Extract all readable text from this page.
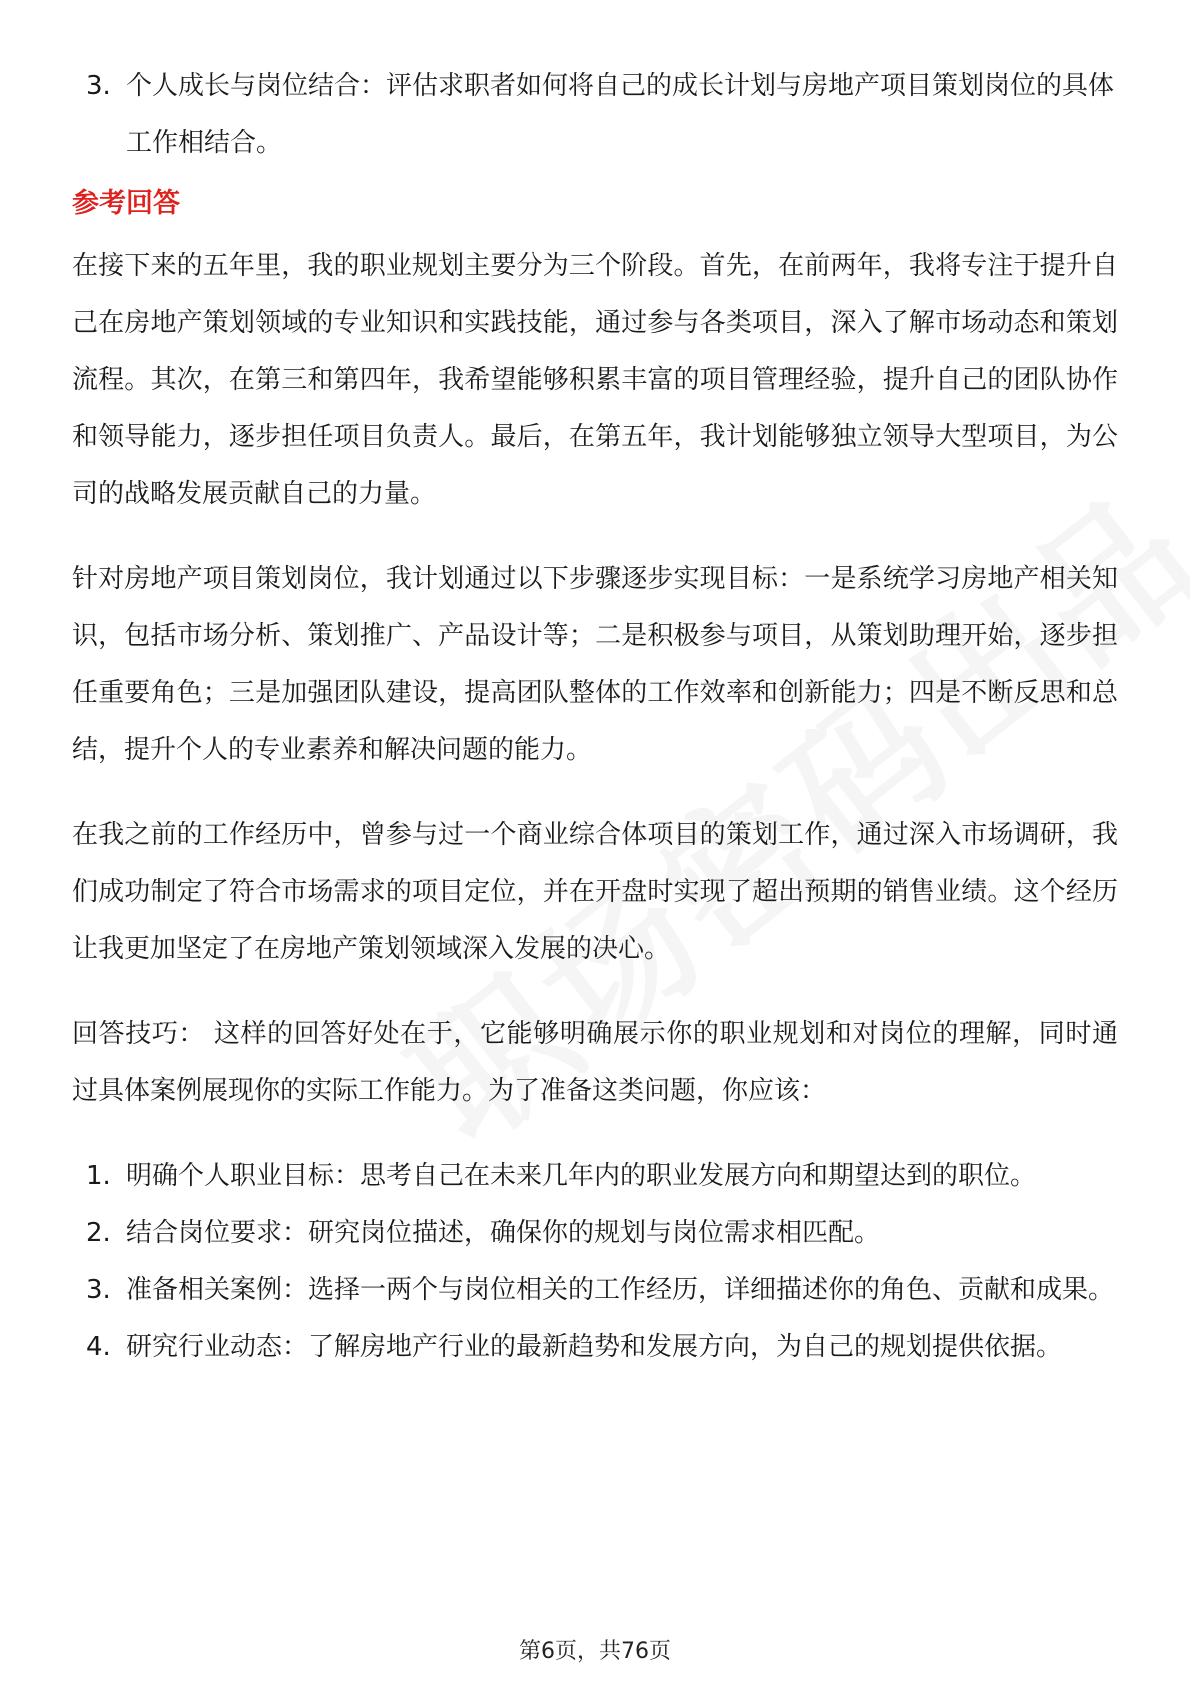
3. 个人成长与岗位结合：评估求职者如何将自己的成长计划与房地产项目策划岗位的具体工作相结合。
参考回答

在接下来的五年里，我的职业规划主要分为三个阶段。首先，在前两年，我将专注于提升自己在房地产策划领域的专业知识和实践技能，通过参与各类项目，深入了解市场动态和策划流程。其次，在第三和第四年，我希望能够积累丰富的项目管理经验，提升自己的团队协作和领导能力，逐步担任项目负责人。最后，在第五年，我计划能够独立领导大型项目，为公司的战略发展贡献自己的力量。

针对房地产项目策划岗位，我计划通过以下步骤逐步实现目标：一是系统学习房地产相关知识，包括市场分析、策划推广、产品设计等；二是积极参与项目，从策划助理开始，逐步担任重要角色；三是加强团队建设，提高团队整体的工作效率和创新能力；四是不断反思和总结，提升个人的专业素养和解决问题的能力。

在我之前的工作经历中，曾参与过一个商业综合体项目的策划工作，通过深入市场调研，我们成功制定了符合市场需求的项目定位，并在开盘时实现了超出预期的销售业绩。这个经历让我更加坚定了在房地产策划领域深入发展的决心。

回答技巧： 这样的回答好处在于，它能够明确展示你的职业规划和对岗位的理解，同时通过具体案例展现你的实际工作能力。为了准备这类问题，你应该：

1. 明确个人职业目标：思考自己在未来几年内的职业发展方向和期望达到的职位。
2. 结合岗位要求：研究岗位描述，确保你的规划与岗位需求相匹配。
3. 准备相关案例：选择一两个与岗位相关的工作经历，详细描述你的角色、贡献和成果。
4. 研究行业动态：了解房地产行业的最新趋势和发展方向，为自己的规划提供依据。
第6页，共76页
